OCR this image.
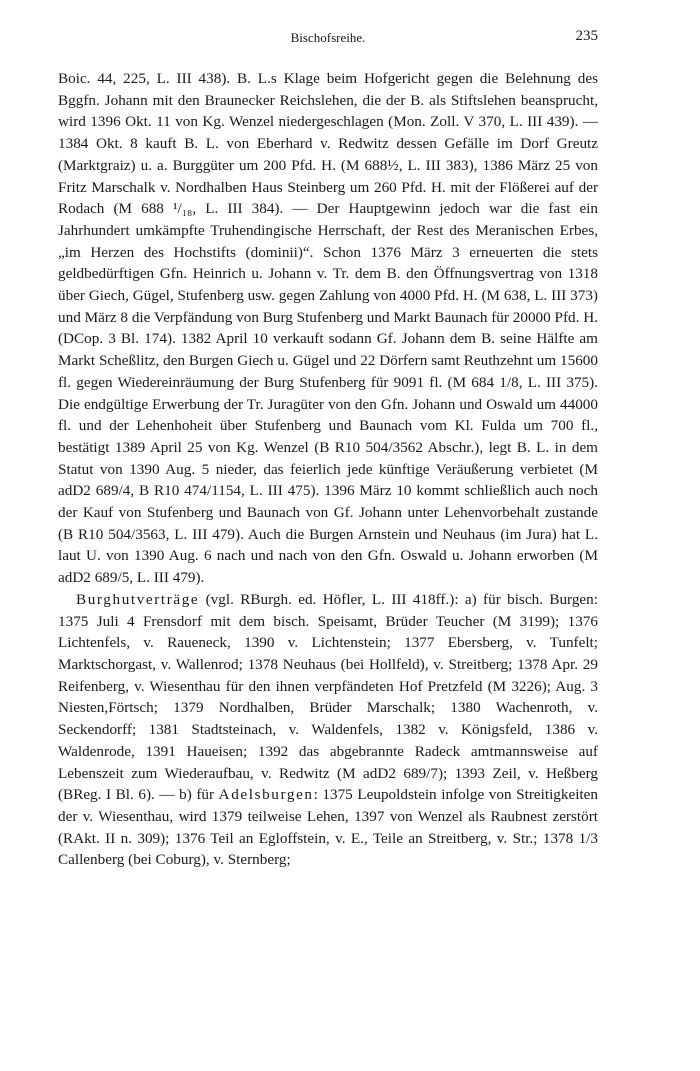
Bischofsreihe.	235

Boic. 44, 225, L. III 438). B. L.s Klage beim Hofgericht gegen die Belehnung des Bggfn. Johann mit den Braunecker Reichslehen, die der B. als Stiftslehen beansprucht, wird 1396 Okt. 11 von Kg. Wenzel niedergeschlagen (Mon. Zoll. V 370, L. III 439). — 1384 Okt. 8 kauft B. L. von Eberhard v. Redwitz dessen Gefälle im Dorf Greutz (Marktgraiz) u. a. Burggüter um 200 Pfd. H. (M 688½, L. III 383), 1386 März 25 von Fritz Marschalk v. Nordhalben Haus Steinberg um 260 Pfd. H. mit der Flößerei auf der Rodach (M 688 ¹/₁₈, L. III 384). — Der Hauptgewinn jedoch war die fast ein Jahrhundert umkämpfte Truhendingische Herrschaft, der Rest des Meranischen Erbes, „im Herzen des Hochstifts (dominii)“. Schon 1376 März 3 erneuerten die stets geldbedürftigen Gfn. Heinrich u. Johann v. Tr. dem B. den Öffnungsvertrag von 1318 über Giech, Gügel, Stufenberg usw. gegen Zahlung von 4000 Pfd. H. (M 638, L. III 373) und März 8 die Verpfändung von Burg Stufenberg und Markt Baunach für 20000 Pfd. H. (DCop. 3 Bl. 174). 1382 April 10 verkauft sodann Gf. Johann dem B. seine Hälfte am Markt Scheßlitz, den Burgen Giech u. Gügel und 22 Dörfern samt Reuthzehnt um 15600 fl. gegen Wiedereinräumung der Burg Stufenberg für 9091 fl. (M 684 1/8, L. III 375). Die endgültige Erwerbung der Tr. Juragüter von den Gfn. Johann und Oswald um 44000 fl. und der Lehenhoheit über Stufenberg und Baunach vom Kl. Fulda um 700 fl., bestätigt 1389 April 25 von Kg. Wenzel (B R10 504/3562 Abschr.), legt B. L. in dem Statut von 1390 Aug. 5 nieder, das feierlich jede künftige Veräußerung verbietet (M adD2 689/4, B R10 474/1154, L. III 475). 1396 März 10 kommt schließlich auch noch der Kauf von Stufenberg und Baunach von Gf. Johann unter Lehenvorbehalt zustande (B R10 504/3563, L. III 479). Auch die Burgen Arnstein und Neuhaus (im Jura) hat L. laut U. von 1390 Aug. 6 nach und nach von den Gfn. Oswald u. Johann erworben (M adD2 689/5, L. III 479).

Burghutverträge (vgl. RBurgh. ed. Höfler, L. III 418ff.): a) für bisch. Burgen: 1375 Juli 4 Frensdorf mit dem bisch. Speisamt, Brüder Teucher (M 3199); 1376 Lichtenfels, v. Raueneck, 1390 v. Lichtenstein; 1377 Ebersberg, v. Tunfelt; Marktschorgast, v. Wallenrod; 1378 Neuhaus (bei Hollfeld), v. Streitberg; 1378 Apr. 29 Reifenberg, v. Wiesenthau für den ihnen verpfändeten Hof Pretzfeld (M 3226); Aug. 3 Niesten,Förtsch; 1379 Nordhalben, Brüder Marschalk; 1380 Wachenroth, v. Seckendorff; 1381 Stadtsteinach, v. Waldenfels, 1382 v. Königsfeld, 1386 v. Waldenrode, 1391 Haueisen; 1392 das abgebrannte Radeck amtmannsweise auf Lebenszeit zum Wiederaufbau, v. Redwitz (M adD2 689/7); 1393 Zeil, v. Heßberg (BReg. I Bl. 6). — b) für Adelsburgen: 1375 Leupoldstein infolge von Streitigkeiten der v. Wiesenthau, wird 1379 teilweise Lehen, 1397 von Wenzel als Raubnest zerstört (RAkt. II n. 309); 1376 Teil an Egloffstein, v. E., Teile an Streitberg, v. Str.; 1378 1/3 Callenberg (bei Coburg), v. Sternberg;
